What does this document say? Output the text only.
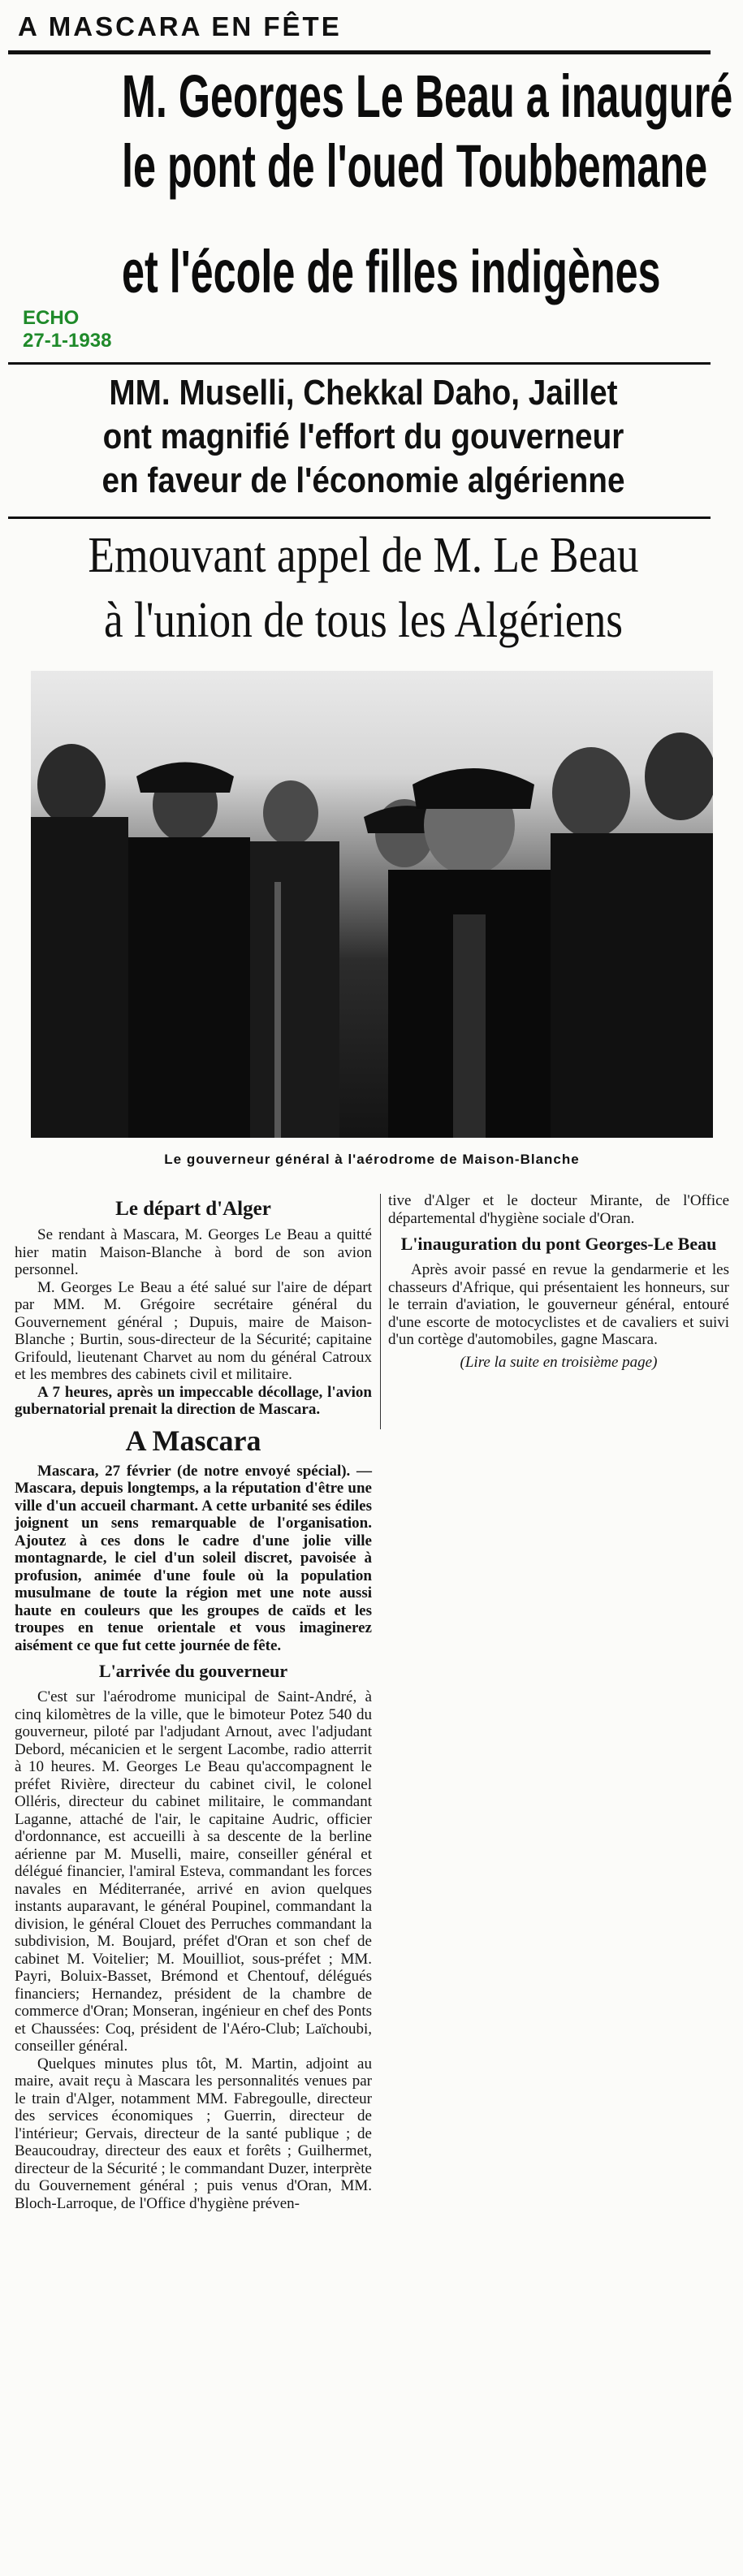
A MASCARA EN FÊTE
M. Georges Le Beau a inauguré
le pont de l'oued Toubbemane
et l'école de filles indigènes
ECHO
27-1-1938
MM. Muselli, Chekkal Daho, Jaillet
ont magnifié l'effort du gouverneur
en faveur de l'économie algérienne
Emouvant appel de M. Le Beau
à l'union de tous les Algériens
Le gouverneur général à l'aérodrome de Maison-Blanche
Le départ d'Alger

Se rendant à Mascara, M. Georges Le Beau a quitté hier matin Maison-Blanche à bord de son avion personnel.

M. Georges Le Beau a été salué sur l'aire de départ par MM. M. Grégoire secrétaire général du Gouvernement général ; Dupuis, maire de Maison-Blanche ; Burtin, sous-directeur de la Sécurité; capitaine Grifould, lieutenant Charvet au nom du général Catroux et les membres des cabinets civil et militaire.

A 7 heures, après un impeccable décollage, l'avion gubernatorial prenait la direction de Mascara.

A Mascara

Mascara, 27 février (de notre envoyé spécial). — Mascara, depuis longtemps, a la réputation d'être une ville d'un accueil charmant. A cette urbanité ses édiles joignent un sens remarquable de l'organisation. Ajoutez à ces dons le cadre d'une jolie ville montagnarde, le ciel d'un soleil discret, pavoisée à profusion, animée d'une foule où la population musulmane de toute la région met une note aussi haute en couleurs que les groupes de caïds et les troupes en tenue orientale et vous imaginerez aisément ce que fut cette journée de fête.

L'arrivée du gouverneur

C'est sur l'aérodrome municipal de Saint-André, à cinq kilomètres de la ville, que le bimoteur Potez 540 du gouverneur, piloté par l'adjudant Arnout, avec l'adjudant Debord, mécanicien et le sergent Lacombe, radio atterrit à 10 heures. M. Georges Le Beau qu'accompagnent le préfet Rivière, directeur du cabinet civil, le colonel Olléris, directeur du cabinet militaire, le commandant Laganne, attaché de l'air, le capitaine Audric, officier d'ordonnance, est accueilli à sa descente de la berline aérienne par M. Muselli, maire, conseiller général et délégué financier, l'amiral Esteva, commandant les forces navales en Méditerranée, arrivé en avion quelques instants auparavant, le général Poupinel, commandant la division, le général Clouet des Perruches commandant la subdivision, M. Boujard, préfet d'Oran et son chef de cabinet M. Voitelier; M. Mouilliot, sous-préfet ; MM. Payri, Boluix-Basset, Brémond et Chentouf, délégués financiers; Hernandez, président de la chambre de commerce d'Oran; Monseran, ingénieur en chef des Ponts et Chaussées: Coq, président de l'Aéro-Club; Laïchoubi, conseiller général.

Quelques minutes plus tôt, M. Martin, adjoint au maire, avait reçu à Mascara les personnalités venues par le train d'Alger, notamment MM. Fabregoulle, directeur des services économiques ; Guerrin, directeur de l'intérieur; Gervais, directeur de la santé publique ; de Beaucoudray, directeur des eaux et forêts ; Guilhermet, directeur de la Sécurité ; le commandant Duzer, interprète du Gouvernement général ; puis venus d'Oran, MM. Bloch-Larroque, de l'Office d'hygiène préven-

tive d'Alger et le docteur Mirante, de l'Office départemental d'hygiène sociale d'Oran.

L'inauguration du pont Georges-Le Beau

Après avoir passé en revue la gendarmerie et les chasseurs d'Afrique, qui présentaient les honneurs, sur le terrain d'aviation, le gouverneur général, entouré d'une escorte de motocyclistes et de cavaliers et suivi d'un cortège d'automobiles, gagne Mascara.

(Lire la suite en troisième page)
